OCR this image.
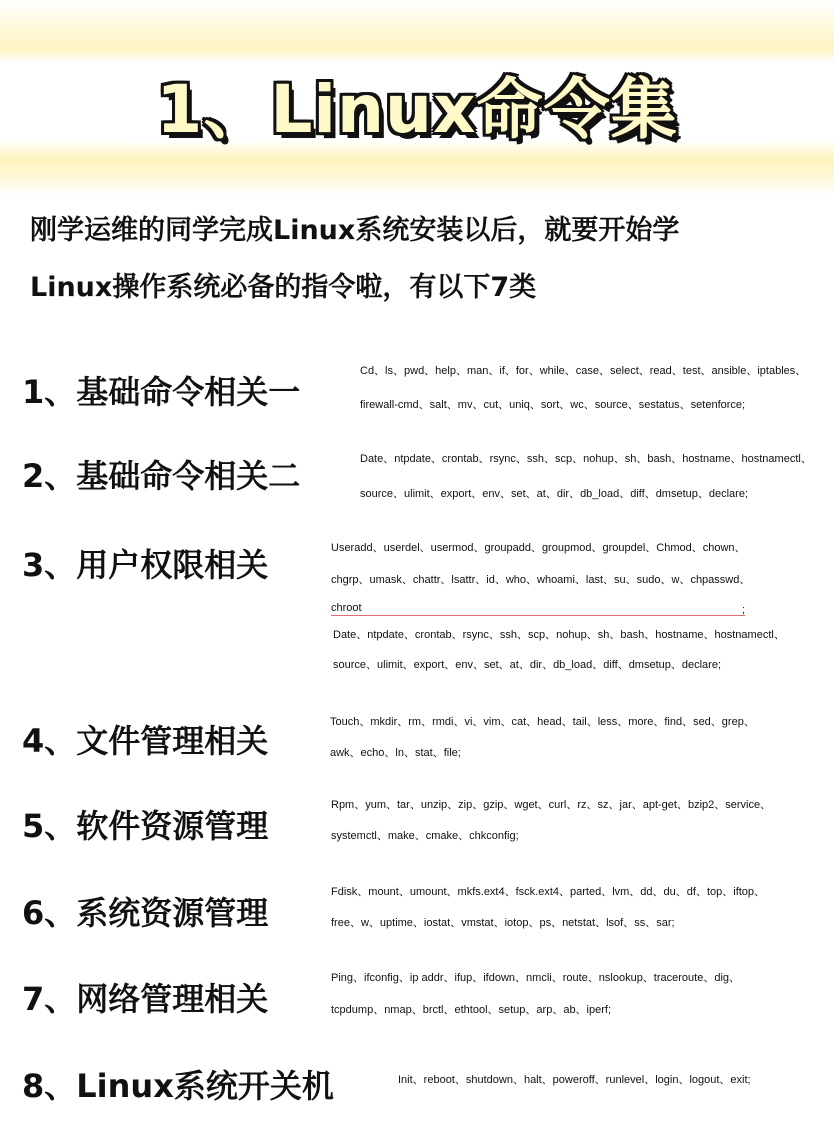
1、Linux命令集
刚学运维的同学完成Linux系统安装以后，就要开始学
Linux操作系统必备的指令啦，有以下7类
1、基础命令相关一
Cd、ls、pwd、help、man、if、for、while、case、select、read、test、ansible、iptables、
firewall-cmd、salt、mv、cut、uniq、sort、wc、source、sestatus、setenforce;
2、基础命令相关二	Date、ntpdate、crontab、rsync、ssh、scp、nohup、sh、bash、hostname、hostnamectl、
source、ulimit、export、env、set、at、dir、db_load、diff、dmsetup、declare;
3、用户权限相关	Useradd、userdel、usermod、groupadd、groupmod、groupdel、Chmod、chown、
chgrp、umask、chattr、lsattr、id、who、whoami、last、su、sudo、w、chpasswd、
chroot	;
Date、ntpdate、crontab、rsync、ssh、scp、nohup、sh、bash、hostname、hostnamectl、
source、ulimit、export、env、set、at、dir、db_load、diff、dmsetup、declare;
4、文件管理相关	Touch、mkdir、rm、rmdi、vi、vim、cat、head、tail、less、more、find、sed、grep、
awk、echo、ln、stat、file;
5、软件资源管理
Rpm、yum、tar、unzip、zip、gzip、wget、curl、rz、sz、jar、apt-get、bzip2、service、
systemctl、make、cmake、chkconfig;
6、系统资源管理
Fdisk、mount、umount、mkfs.ext4、fsck.ext4、parted、lvm、dd、du、df、top、iftop、
free、w、uptime、iostat、vmstat、iotop、ps、netstat、lsof、ss、sar;
7、网络管理相关
Ping、ifconfig、ip addr、ifup、ifdown、nmcli、route、nslookup、traceroute、dig、
tcpdump、nmap、brctl、ethtool、setup、arp、ab、iperf;
8、Linux系统开关机	Init、reboot、shutdown、halt、poweroff、runlevel、login、logout、exit;
